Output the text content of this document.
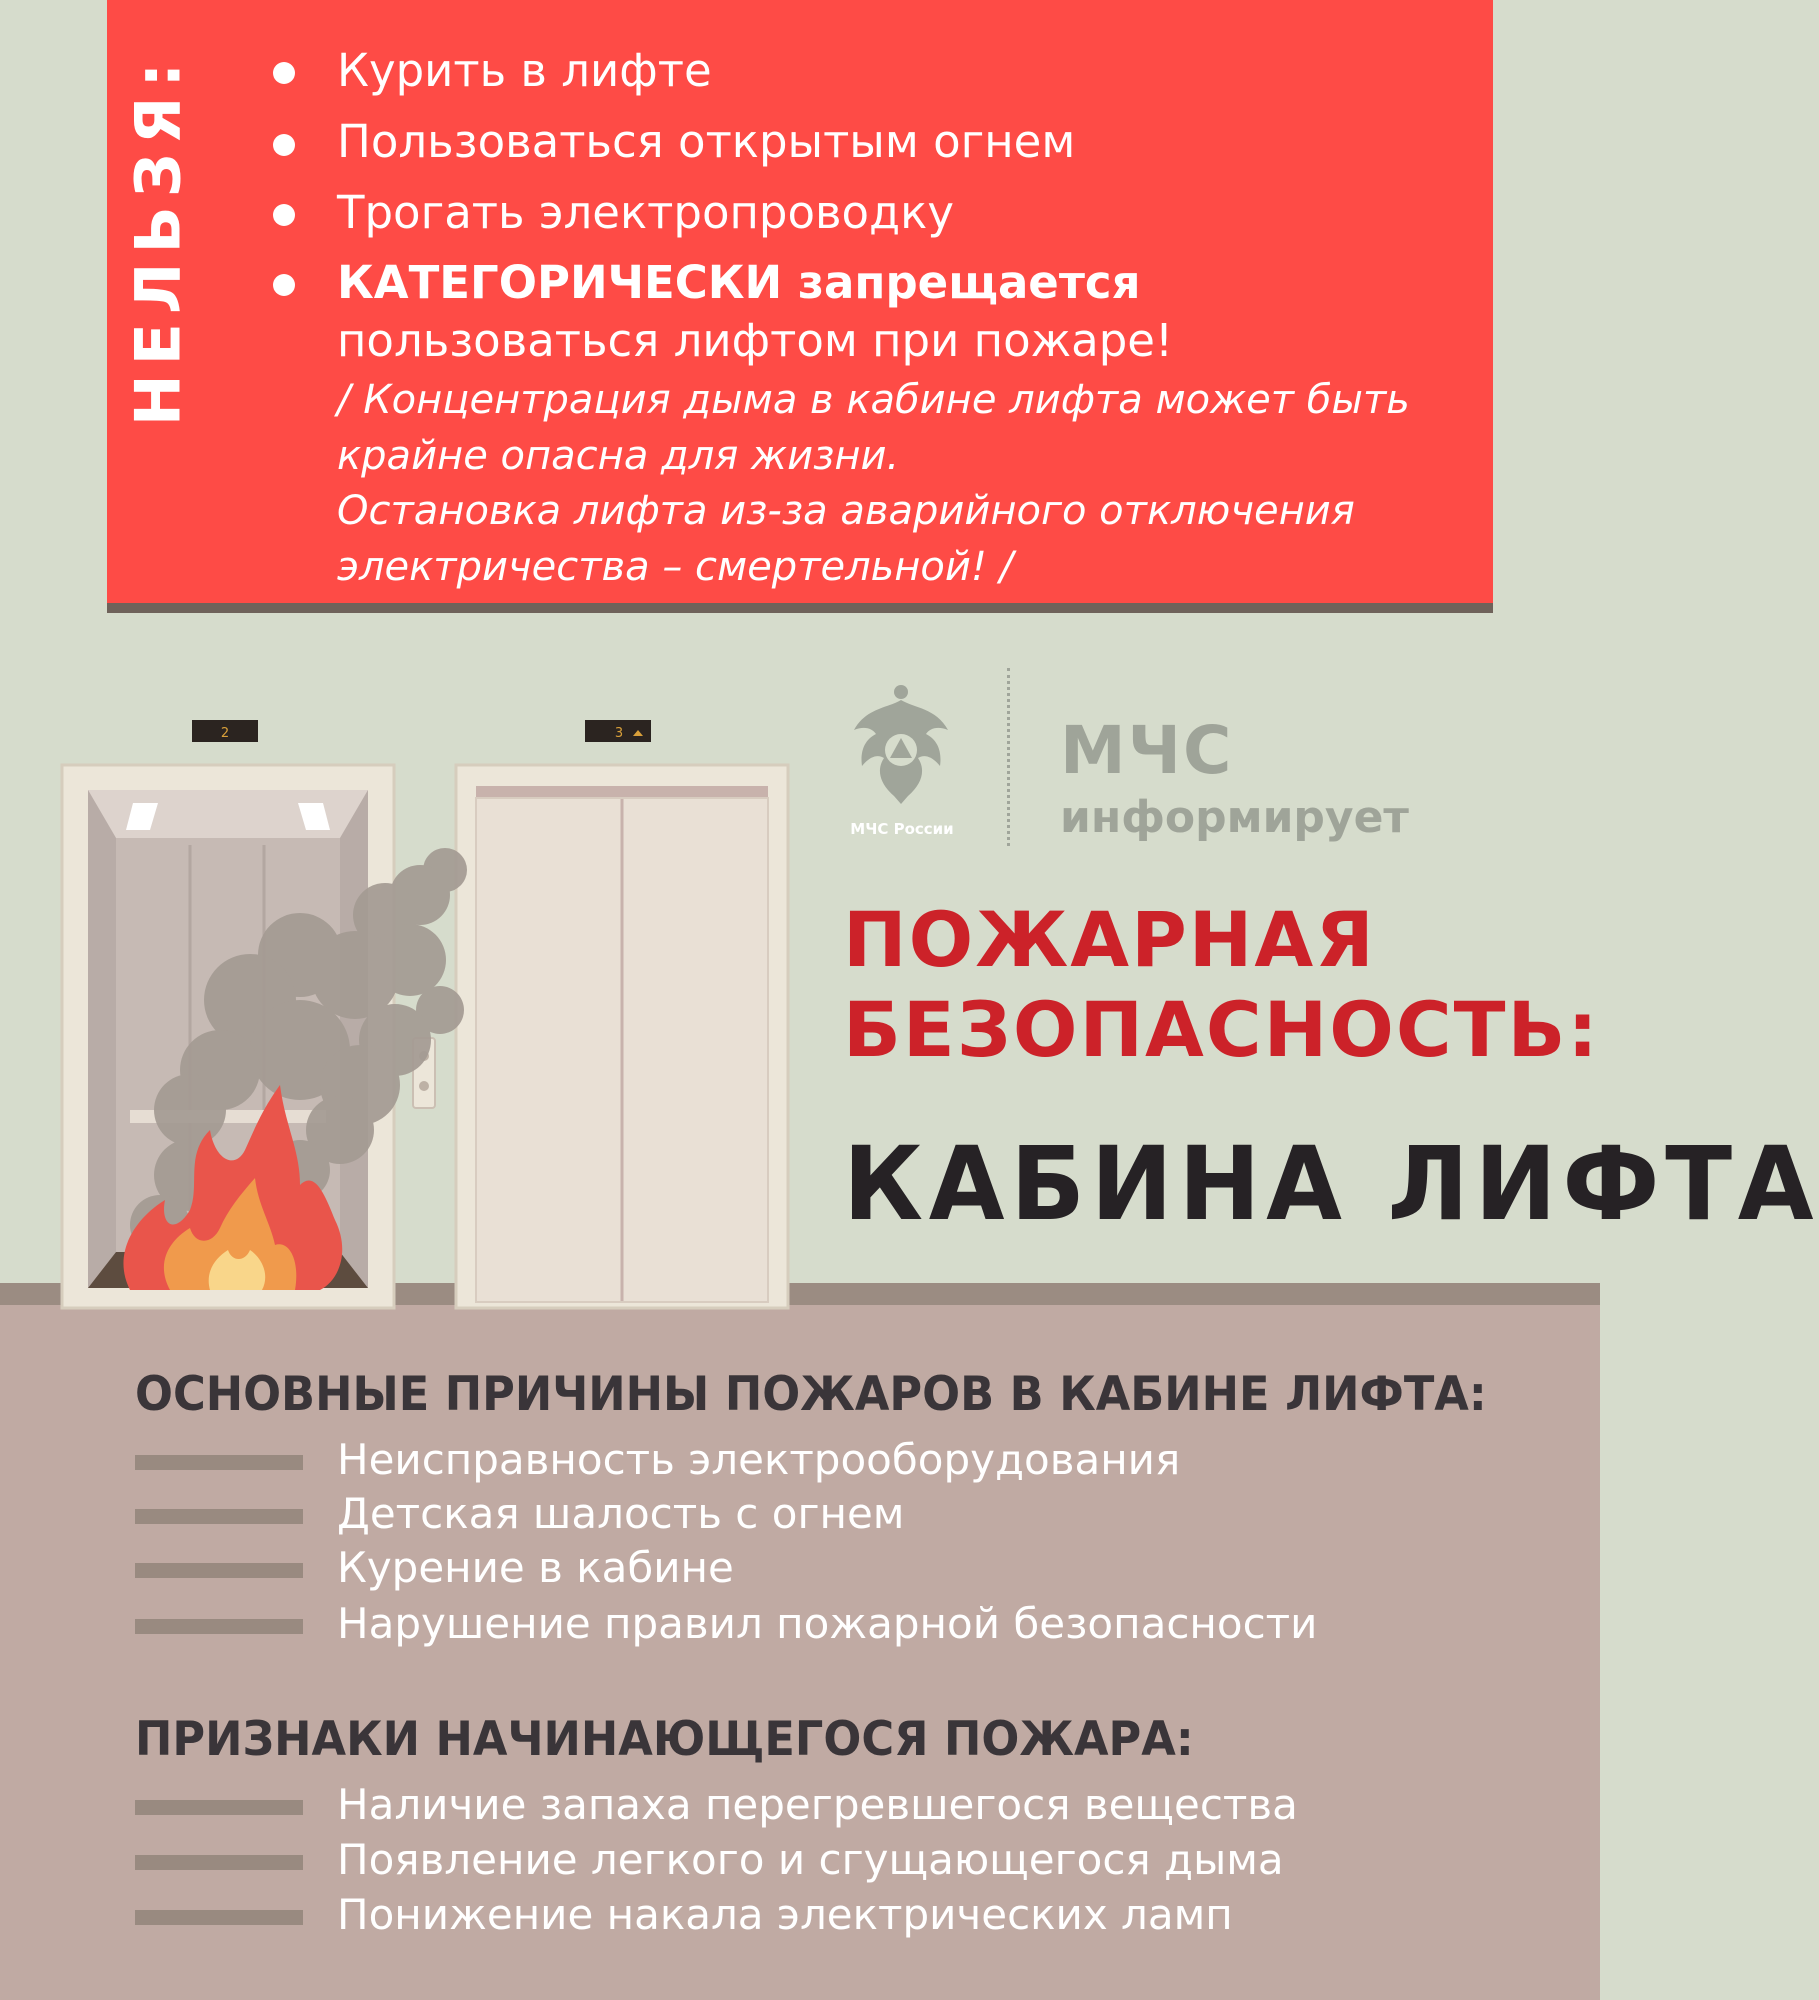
НЕЛЬЗЯ:	Курить в лифте
Пользоваться открытым огнем
Трогать электропроводку
КАТЕГОРИЧЕСКИ запрещается
пользоваться лифтом при пожаре!
/ Концентрация дыма в кабине лифта может быть
крайне опасна для жизни.
Остановка лифта из-за аварийного отключения
электричества – смертельной! /
2	3
МЧС России
МЧС
информирует
ПОЖАРНАЯ
БЕЗОПАСНОСТЬ:
КАБИНА ЛИФТА
ОСНОВНЫЕ ПРИЧИНЫ ПОЖАРОВ В КАБИНЕ ЛИФТА:
Неисправность электрооборудования
Детская шалость с огнем
Курение в кабине
Нарушение правил пожарной безопасности
ПРИЗНАКИ НАЧИНАЮЩЕГОСЯ ПОЖАРА:
Наличие запаха перегревшегося вещества
Появление легкого и сгущающегося дыма
Понижение накала электрических ламп
